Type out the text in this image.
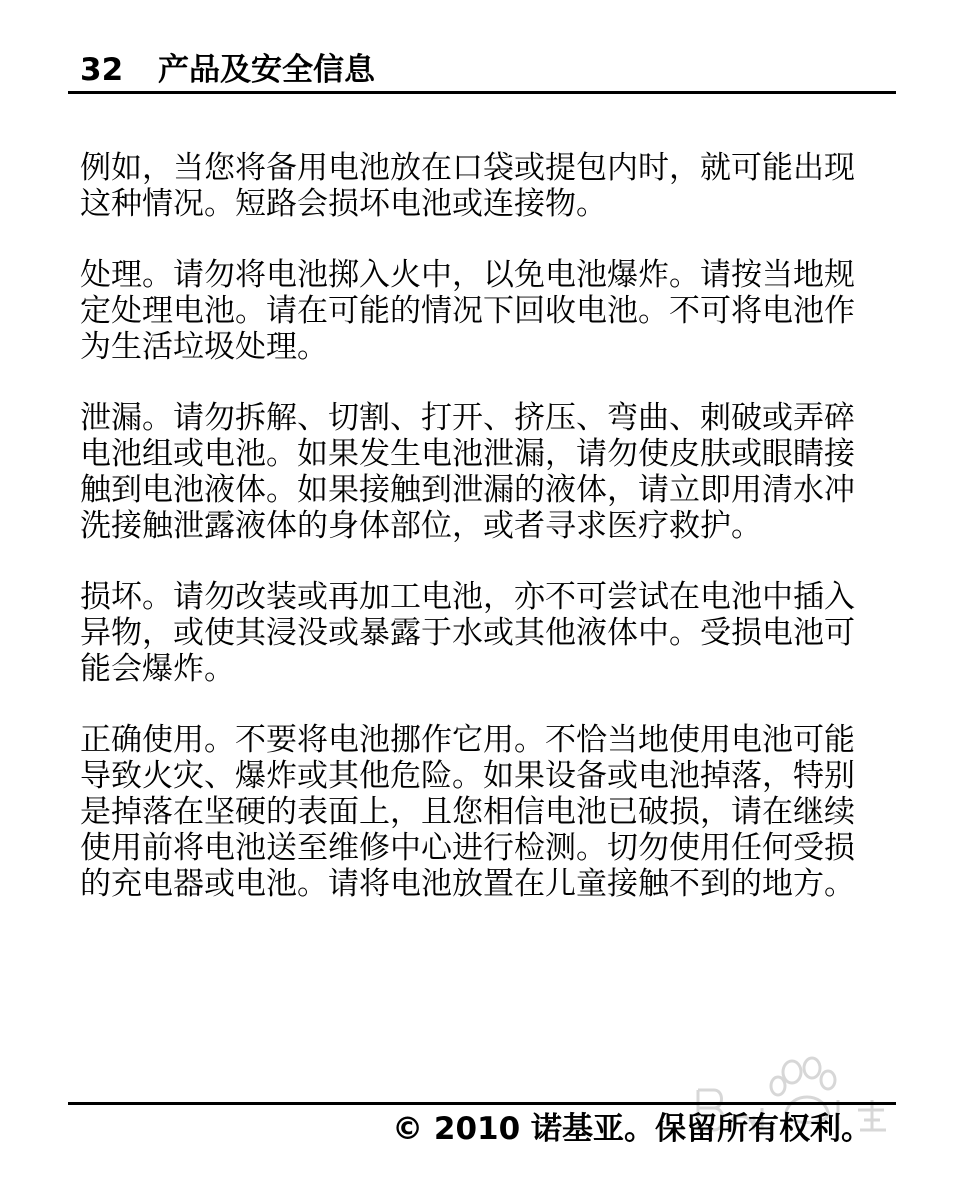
32 产品及安全信息

例如，当您将备用电池放在口袋或提包内时，就可能出现这种情况。短路会损坏电池或连接物。

处理。请勿将电池掷入火中，以免电池爆炸。请按当地规定处理电池。请在可能的情况下回收电池。不可将电池作为生活垃圾处理。

泄漏。请勿拆解、切割、打开、挤压、弯曲、刺破或弄碎电池组或电池。如果发生电池泄漏，请勿使皮肤或眼睛接触到电池液体。如果接触到泄漏的液体，请立即用清水冲洗接触泄露液体的身体部位，或者寻求医疗救护。

损坏。请勿改装或再加工电池，亦不可尝试在电池中插入异物，或使其浸没或暴露于水或其他液体中。受损电池可能会爆炸。

正确使用。不要将电池挪作它用。不恰当地使用电池可能导致火灾、爆炸或其他危险。如果设备或电池掉落，特别是掉落在坚硬的表面上，且您相信电池已破损，请在继续使用前将电池送至维修中心进行检测。切勿使用任何受损的充电器或电池。请将电池放置在儿童接触不到的地方。

© 2010 诺基亚。保留所有权利。
